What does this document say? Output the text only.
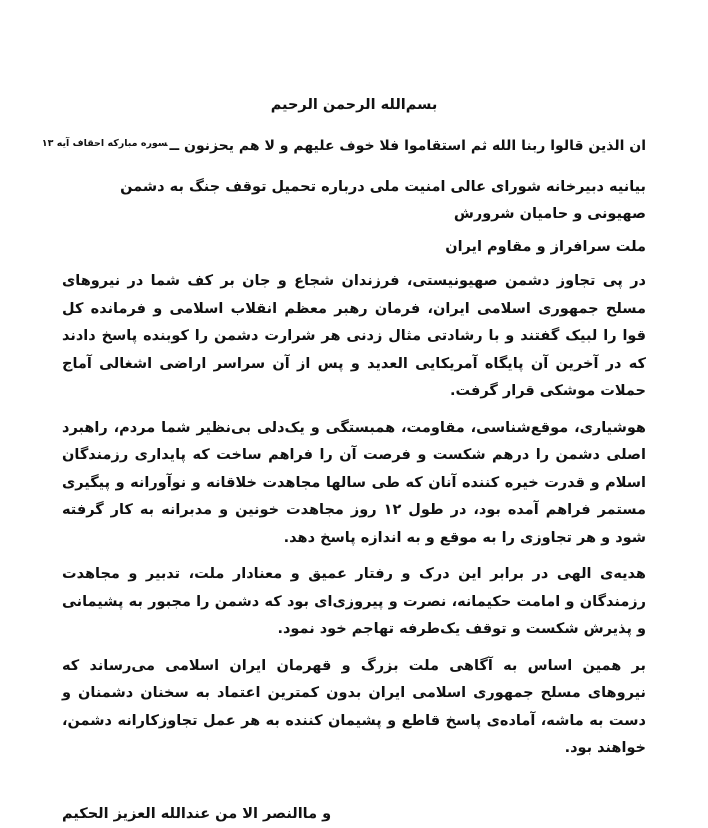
بسم‌الله الرحمن الرحیم
ان الذین قالوا ربنا الله ثم استقاموا فلا خوف علیهم و لا هم یحزنون ــ$^{سوره مبارکه احقاف آیه ۱۳}$
بیانیه دبیرخانه شورای عالی امنیت ملی درباره تحمیل توقف جنگ به دشمن صهیونی و حامیان شرورش
ملت سرافراز و مقاوم ایران

در پی تجاوز دشمن صهیونیستی، فرزندان شجاع و جان بر کف شما در نیروهای مسلح جمهوری اسلامی ایران، فرمان رهبر معظم انقلاب اسلامی و فرمانده کل قوا را لبیک گفتند و با رشادتی مثال زدنی هر شرارت دشمن را کوبنده پاسخ دادند که در آخرین آن پایگاه آمریکایی العدید و پس از آن سراسر اراضی اشغالی آماج حملات موشکی قرار گرفت.

هوشیاری، موقع‌شناسی، مقاومت، همبستگی و یک‌دلی بی‌نظیر شما مردم، راهبرد اصلی دشمن را درهم شکست و فرصت آن را فراهم ساخت که پایداری رزمندگان اسلام و قدرت خیره کننده آنان که طی سالها مجاهدت خلاقانه و نوآورانه و پیگیری مستمر فراهم آمده بود، در طول ۱۲ روز مجاهدت خونین و مدبرانه به کار گرفته شود و هر تجاوزی را به موقع و به اندازه پاسخ دهد.

هدیه‌ی الهی در برابر این درک و رفتار عمیق و معنادار ملت، تدبیر و مجاهدت رزمندگان و امامت حکیمانه، نصرت و پیروزی‌ای بود که دشمن را مجبور به پشیمانی و پذیرش شکست و توقف یک‌طرفه تهاجم خود نمود.

بر همین اساس به آگاهی ملت بزرگ و قهرمان ایران اسلامی می‌رساند که نیروهای مسلح جمهوری اسلامی ایران بدون کمترین اعتماد به سخنان دشمنان و دست به ماشه، آماده‌ی پاسخ قاطع و پشیمان کننده به هر عمل تجاوزکارانه دشمن، خواهند بود.

و ماالنصر الا من عندالله العزیز الحکیم
